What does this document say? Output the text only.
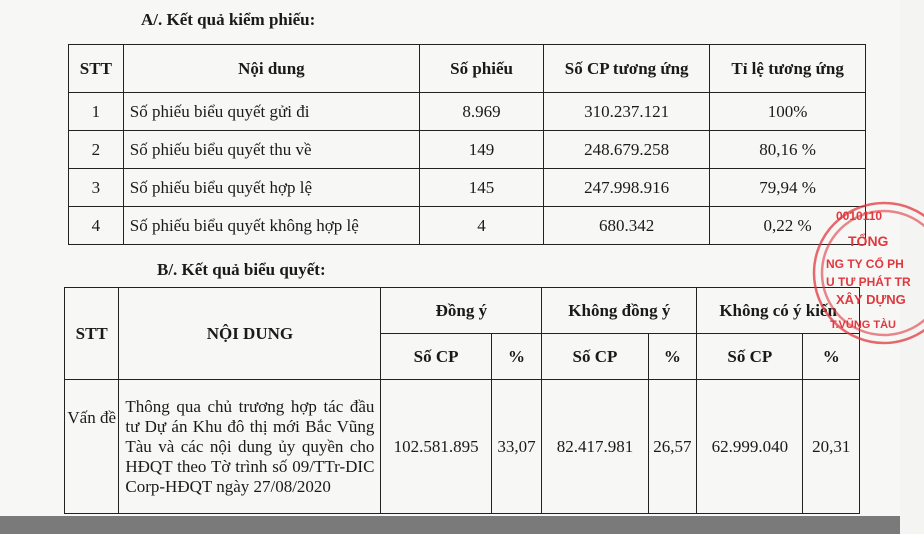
A/. Kết quả kiểm phiếu:
STT	Nội dung	Số phiếu	Số CP tương ứng	Tỉ lệ tương ứng
1	Số phiếu biểu quyết gửi đi	8.969	310.237.121	100%
2	Số phiếu biểu quyết thu về	149	248.679.258	80,16 %
3	Số phiếu biểu quyết hợp lệ	145	247.998.916	79,94 %
4	Số phiếu biểu quyết không hợp lệ	4	680.342	0,22 %
B/. Kết quả biểu quyết:
STT	NỘI DUNG	Đồng ý		Không đồng ý		Không có ý kiến	
		Số CP	%	Số CP	%	Số CP	%
Vấn đề	Thông qua chủ trương hợp tác đầu tư Dự án Khu đô thị mới Bắc Vũng Tàu và các nội dung ủy quyền cho HĐQT theo Tờ trình số 09/TTr-DIC Corp-HĐQT ngày 27/08/2020	102.581.895	33,07	82.417.981	26,57	62.999.040	20,31
0010110
TỔNG
NG TY CỔ PH
U TƯ PHÁT TR
XÂY DỰNG
T.VŨNG TÀU
